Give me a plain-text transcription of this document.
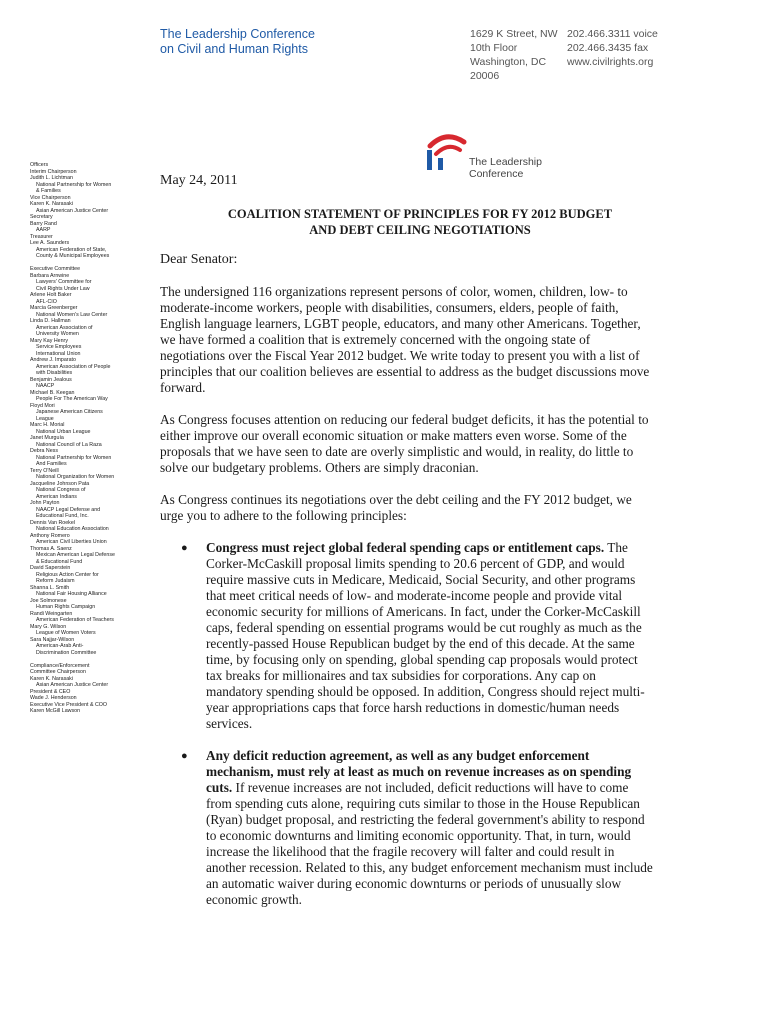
The Leadership Conference
on Civil and Human Rights
1629 K Street, NW
10th Floor
Washington, DC
20006
202.466.3311 voice
202.466.3435 fax
www.civilrights.org
The Leadership
Conference
Officers
Interim Chairperson
Judith L. Lichtman
National Partnership for Women
& Families
Vice Chairperson
Karen K. Narasaki
Asian American Justice Center
Secretary
Barry Rand
AARP
Treasurer
Lee A. Saunders
American Federation of State,
County & Municipal Employees
Executive Committee
Barbara Arnwine
Lawyers' Committee for
Civil Rights Under Law
Arlene Holt Baker
AFL-CIO
Marcia Greenberger
National Women's Law Center
Linda D. Hallman
American Association of
University Women
Mary Kay Henry
Service Employees
International Union
Andrew J. Imparato
American Association of People
with Disabilities
Benjamin Jealous
NAACP
Michael B. Keegan
People For The American Way
Floyd Mori
Japanese American Citizens
League
Marc H. Morial
National Urban League
Janet Murguía
National Council of La Raza
Debra Ness
National Partnership for Women
And Families
Terry O'Neill
National Organization for Women
Jacqueline Johnson Pata
National Congress of
American Indians
John Payton
NAACP Legal Defense and
Educational Fund, Inc.
Dennis Van Roekel
National Education Association
Anthony Romero
American Civil Liberties Union
Thomas A. Saenz
Mexican American Legal Defense
& Educational Fund
David Saperstein
Religious Action Center for
Reform Judaism
Shanna L. Smith
National Fair Housing Alliance
Joe Solmonese
Human Rights Campaign
Randi Weingarten
American Federation of Teachers
Mary G. Wilson
League of Women Voters
Sara Najjar-Wilson
American-Arab Anti-
Discrimination Committee
Compliance/Enforcement
Committee Chairperson
Karen K. Narasaki
Asian American Justice Center
President & CEO
Wade J. Henderson
Executive Vice President & COO
Karen McGill Lawson
May 24, 2011
COALITION STATEMENT OF PRINCIPLES FOR FY 2012 BUDGET
AND DEBT CEILING NEGOTIATIONS
Dear Senator:

The undersigned 116 organizations represent persons of color, women, children, low- to moderate-income workers, people with disabilities, consumers, elders, people of faith, English language learners, LGBT people, educators, and many other Americans. Together, we have formed a coalition that is extremely concerned with the ongoing state of negotiations over the Fiscal Year 2012 budget. We write today to present you with a list of principles that our coalition believes are essential to address as the budget discussions move forward.

As Congress focuses attention on reducing our federal budget deficits, it has the potential to either improve our overall economic situation or make matters even worse. Some of the proposals that we have seen to date are overly simplistic and would, in reality, do little to solve our budgetary problems. Others are simply draconian.

As Congress continues its negotiations over the debt ceiling and the FY 2012 budget, we urge you to adhere to the following principles:

● Congress must reject global federal spending caps or entitlement caps. The Corker-McCaskill proposal limits spending to 20.6 percent of GDP, and would require massive cuts in Medicare, Medicaid, Social Security, and other programs that meet critical needs of low- and moderate-income people and provide vital economic security for millions of Americans. In fact, under the Corker-McCaskill caps, federal spending on essential programs would be cut roughly as much as the recently-passed House Republican budget by the end of this decade. At the same time, by focusing only on spending, global spending cap proposals would protect tax breaks for millionaires and tax subsidies for corporations. Any cap on mandatory spending should be opposed. In addition, Congress should reject multi-year appropriations caps that force harsh reductions in domestic/human needs services.
● Any deficit reduction agreement, as well as any budget enforcement mechanism, must rely at least as much on revenue increases as on spending cuts. If revenue increases are not included, deficit reductions will have to come from spending cuts alone, requiring cuts similar to those in the House Republican (Ryan) budget proposal, and restricting the federal government's ability to respond to economic downturns and limiting economic opportunity. That, in turn, would increase the likelihood that the fragile recovery will falter and could result in another recession. Related to this, any budget enforcement mechanism must include an automatic waiver during economic downturns or periods of unusually slow economic growth.
